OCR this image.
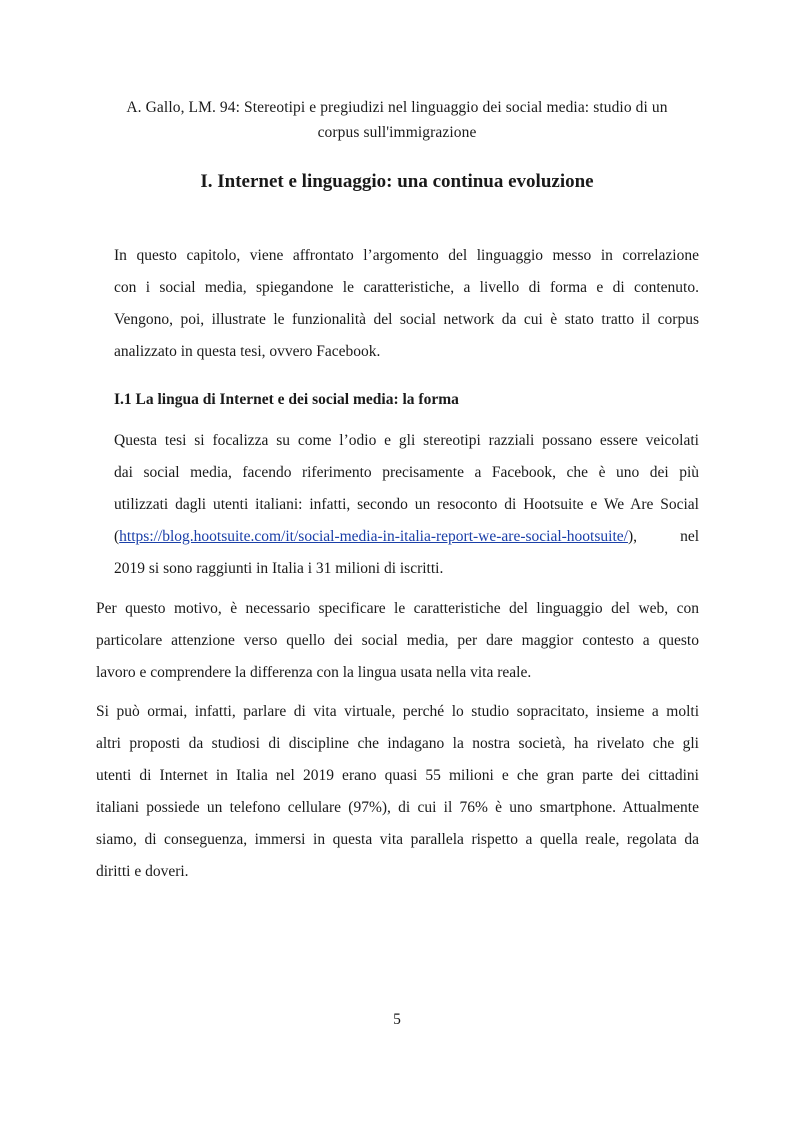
A. Gallo, LM. 94: Stereotipi e pregiudizi nel linguaggio dei social media: studio di un
corpus sull'immigrazione
I. Internet e linguaggio: una continua evoluzione

In questo capitolo, viene affrontato l’argomento del linguaggio messo in correlazione
con i social media, spiegandone le caratteristiche, a livello di forma e di contenuto.
Vengono, poi, illustrate le funzionalità del social network da cui è stato tratto il corpus
analizzato in questa tesi, ovvero Facebook.

I.1 La lingua di Internet e dei social media: la forma

Questa tesi si focalizza su come l’odio e gli stereotipi razziali possano essere veicolati
dai social media, facendo riferimento precisamente a Facebook, che è uno dei più
utilizzati dagli utenti italiani: infatti, secondo un resoconto di Hootsuite e We Are Social
(https://blog.hootsuite.com/it/social-media-in-italia-report-we-are-social-hootsuite/),	nel
2019 si sono raggiunti in Italia i 31 milioni di iscritti.

Per questo motivo, è necessario specificare le caratteristiche del linguaggio del web, con
particolare attenzione verso quello dei social media, per dare maggior contesto a questo
lavoro e comprendere la differenza con la lingua usata nella vita reale.

Si può ormai, infatti, parlare di vita virtuale, perché lo studio sopracitato, insieme a molti
altri proposti da studiosi di discipline che indagano la nostra società, ha rivelato che gli
utenti di Internet in Italia nel 2019 erano quasi 55 milioni e che gran parte dei cittadini
italiani possiede un telefono cellulare (97%), di cui il 76% è uno smartphone. Attualmente
siamo, di conseguenza, immersi in questa vita parallela rispetto a quella reale, regolata da
diritti e doveri.

5
